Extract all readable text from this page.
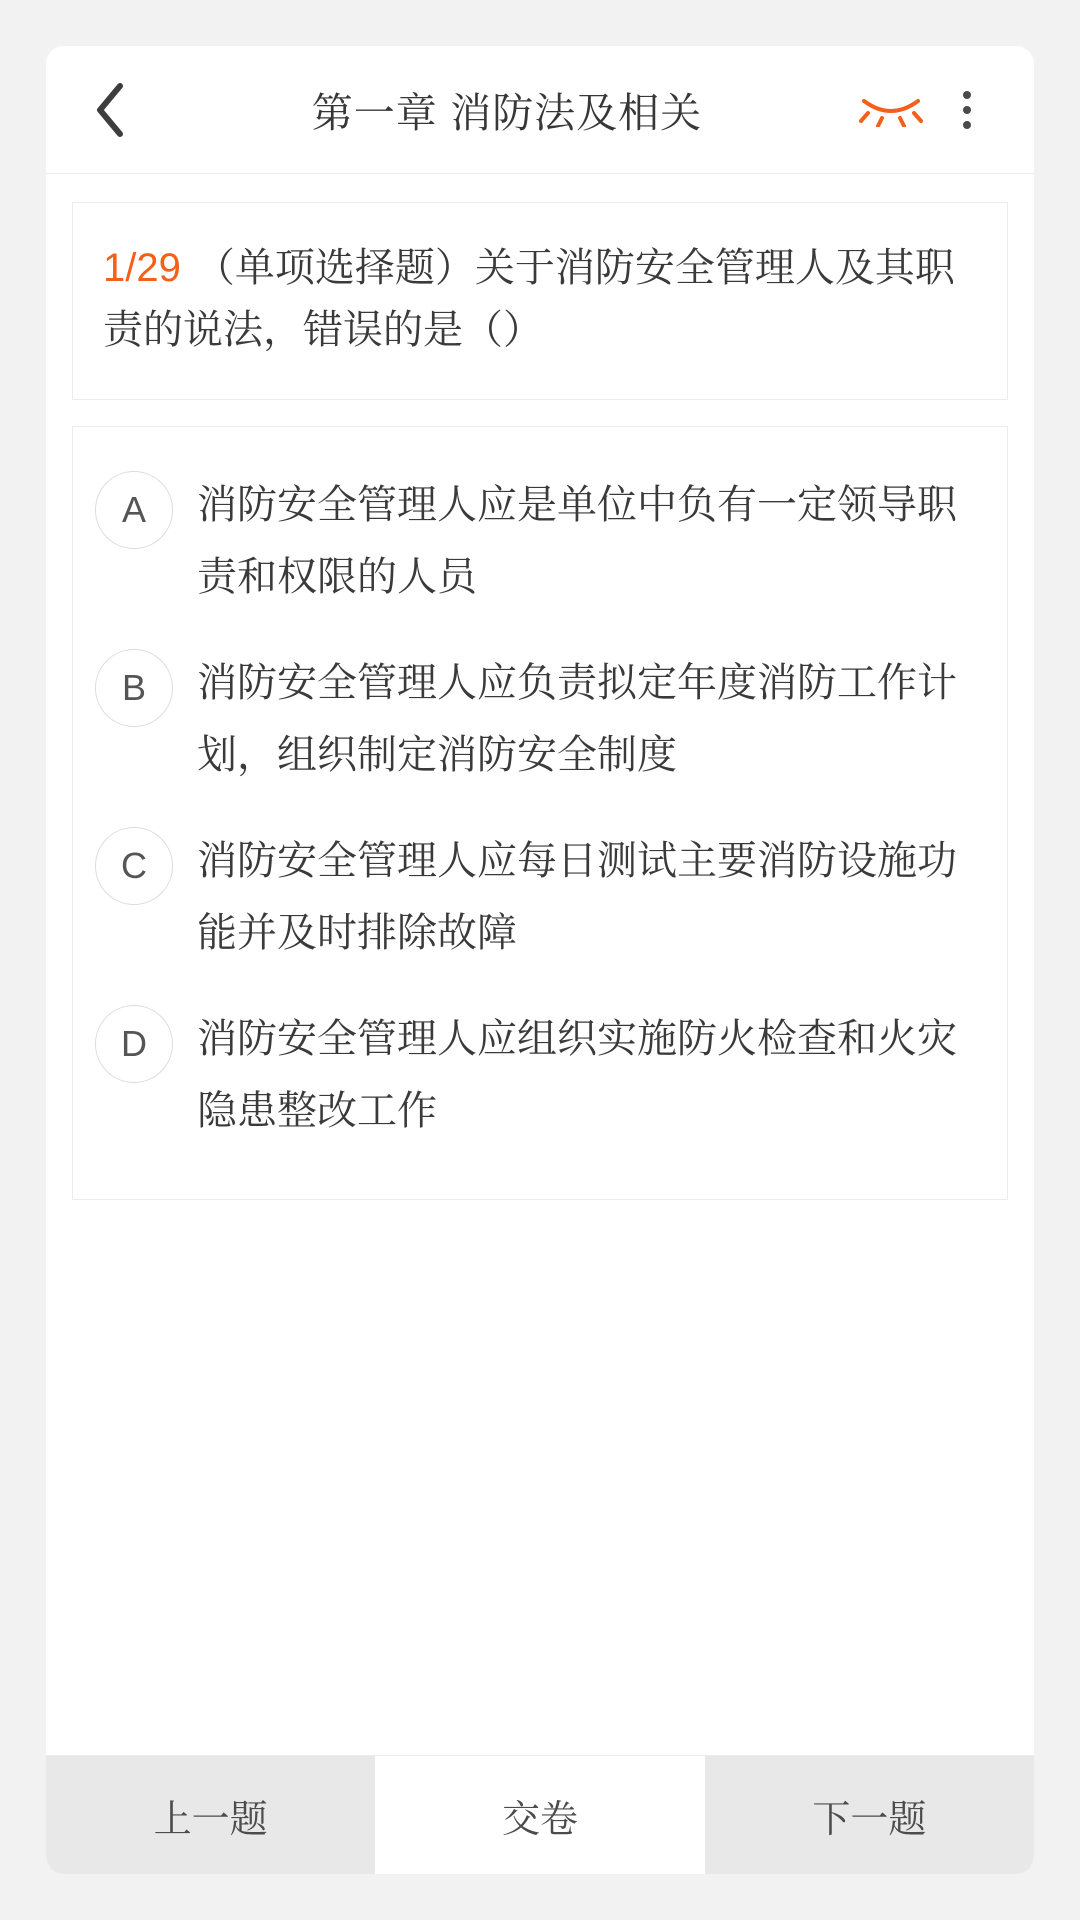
第一章 消防法及相关
1/29 （单项选择题）关于消防安全管理人及其职责的说法，错误的是（）
A	消防安全管理人应是单位中负有一定领导职责和权限的人员
B	消防安全管理人应负责拟定年度消防工作计划，组织制定消防安全制度
C	消防安全管理人应每日测试主要消防设施功能并及时排除故障
D	消防安全管理人应组织实施防火检查和火灾隐患整改工作
上一题	交卷	下一题
